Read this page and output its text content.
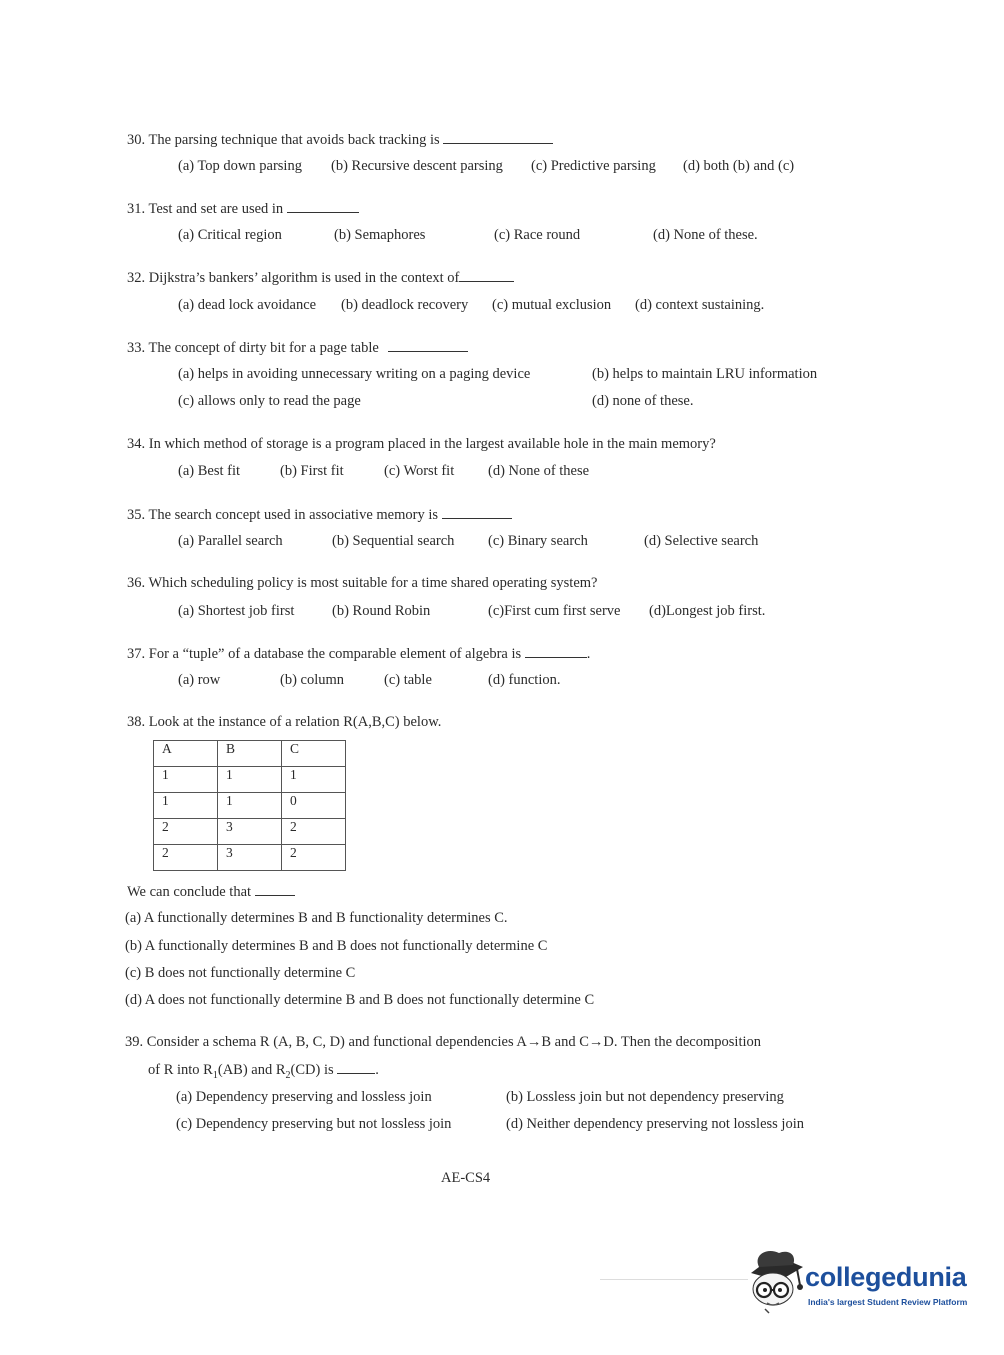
30. The parsing technique that avoids back tracking is
(a) Top down parsing (b) Recursive descent parsing (c) Predictive parsing (d) both (b) and (c)
31. Test and set are used in
(a) Critical region	(b) Semaphores	(c) Race round	(d) None of these.
32. Dijkstra’s bankers’ algorithm is used in the context of
(a) dead lock avoidance (b) deadlock recovery (c) mutual exclusion (d) context sustaining.
33. The concept of dirty bit for a page table
(a) helps in avoiding unnecessary writing on a paging device	(b) helps to maintain LRU information
(c) allows only to read the page	(d) none of these.
34. In which method of storage is a program placed in the largest available hole in the main memory?
(a) Best fit	(b) First fit	(c) Worst fit (d) None of these
35. The search concept used in associative memory is
(a) Parallel search	(b) Sequential search (c) Binary search	(d) Selective search
36. Which scheduling policy is most suitable for a time shared operating system?
(a) Shortest job first	(b) Round Robin	(c)First cum first serve (d)Longest job first.
37. For a “tuple” of a database the comparable element of algebra is	.
(a) row	(b) column	(c) table	(d) function.
38. Look at the instance of a relation R(A,B,C) below.
A	B	C
1	1	1
1	1	0
2	3	2
2	3	2
We can conclude that
(a) A functionally determines B and B functionality determines C.
(b) A functionally determines B and B does not functionally determine C
(c) B does not functionally determine C
(d) A does not functionally determine B and B does not functionally determine C
39. Consider a schema R (A, B, C, D) and functional dependencies A→B and C→D. Then the decomposition
of R into $R_1(AB)$ and $R_2(CD)$ is	.
(a) Dependency preserving and lossless join	(b) Lossless join but not dependency preserving
(c) Dependency preserving but not lossless join	(d) Neither dependency preserving not lossless join
AE-CS4
collegedunia
India's largest Student Review Platform
